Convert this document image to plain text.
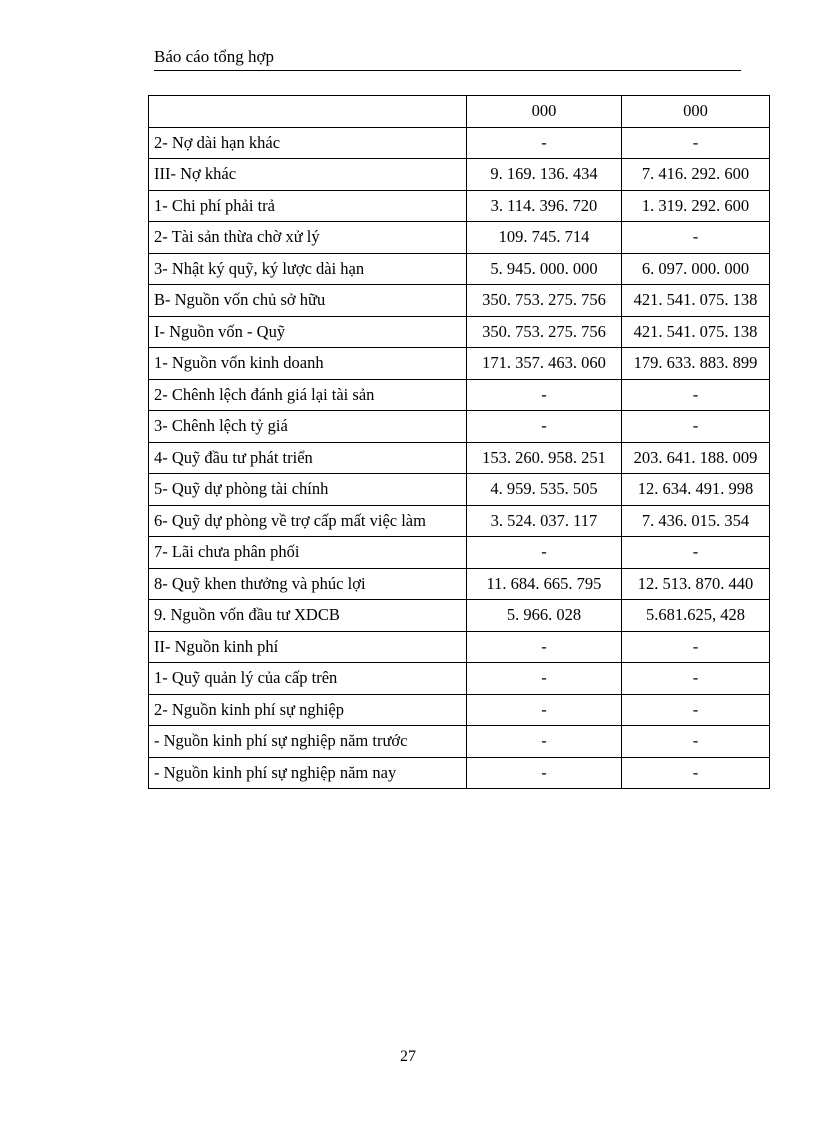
Báo cáo tổng hợp
	000	000
2- Nợ dài hạn khác	-	-
III- Nợ khác	9. 169. 136. 434	7. 416. 292. 600
1- Chi phí phải trả	3. 114. 396. 720	1. 319. 292. 600
2- Tài sản thừa chờ xử lý	109. 745. 714	-
3- Nhật ký quỹ, ký lược dài hạn	5. 945. 000. 000	6. 097. 000. 000
B- Nguồn vốn chủ sở hữu	350. 753. 275. 756	421. 541. 075. 138
I- Nguồn vốn - Quỹ	350. 753. 275. 756	421. 541. 075. 138
1- Nguồn vốn kinh doanh	171. 357. 463. 060	179. 633. 883. 899
2- Chênh lệch đánh giá lại tài sản	-	-
3- Chênh lệch tỷ giá	-	-
4- Quỹ đầu tư phát triển	153. 260. 958. 251	203. 641. 188. 009
5- Quỹ dự phòng tài chính	4. 959. 535. 505	12. 634. 491. 998
6- Quỹ dự phòng về trợ cấp mất việc làm	3. 524. 037. 117	7. 436. 015. 354
7- Lãi chưa phân phối	-	-
8- Quỹ khen thưởng và phúc lợi	11. 684. 665. 795	12. 513. 870. 440
9. Nguồn vốn đầu tư XDCB	5. 966. 028	5.681.625, 428
II- Nguồn kinh phí	-	-
1- Quỹ quản lý của cấp trên	-	-
2- Nguồn kinh phí sự nghiệp	-	-
- Nguồn kinh phí sự nghiệp năm trước	-	-
- Nguồn kinh phí sự nghiệp năm nay	-	-
27
